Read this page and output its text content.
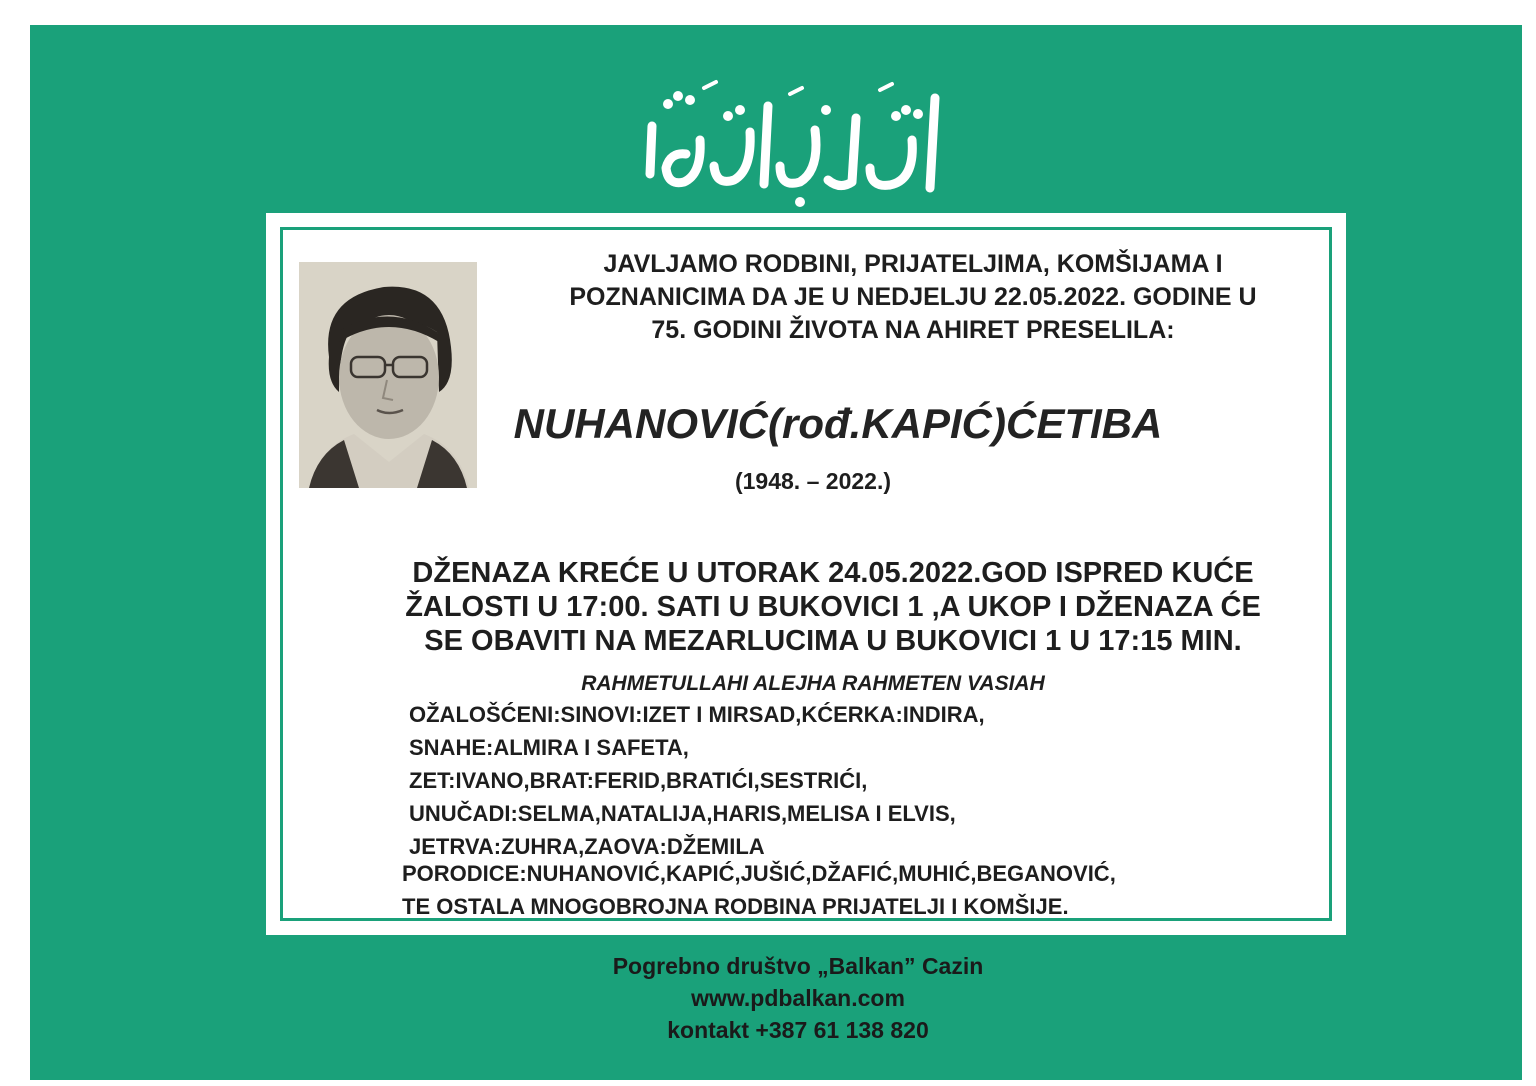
JAVLJAMO RODBINI, PRIJATELJIMA, KOMŠIJAMA I
POZNANICIMA DA JE U NEDJELJU 22.05.2022. GODINE U
75. GODINI ŽIVOTA NA AHIRET PRESELILA:
NUHANOVIĆ(rođ.KAPIĆ)ĆETIBA
(1948. – 2022.)
DŽENAZA KREĆE U UTORAK 24.05.2022.GOD ISPRED KUĆE
ŽALOSTI U 17:00. SATI U BUKOVICI 1 ,A UKOP I DŽENAZA ĆE
SE OBAVITI NA MEZARLUCIMA U BUKOVICI 1 U 17:15 MIN.
RAHMETULLAHI ALEJHA RAHMETEN VASIAH
OŽALOŠĆENI:SINOVI:IZET I MIRSAD,KĆERKA:INDIRA,
SNAHE:ALMIRA I SAFETA,
ZET:IVANO,BRAT:FERID,BRATIĆI,SESTRIĆI,
UNUČADI:SELMA,NATALIJA,HARIS,MELISA I ELVIS,
JETRVA:ZUHRA,ZAOVA:DŽEMILA
PORODICE:NUHANOVIĆ,KAPIĆ,JUŠIĆ,DŽAFIĆ,MUHIĆ,BEGANOVIĆ,
TE OSTALA MNOGOBROJNA RODBINA PRIJATELJI I KOMŠIJE.
Pogrebno društvo „Balkan” Cazin
www.pdbalkan.com
kontakt +387 61 138 820
